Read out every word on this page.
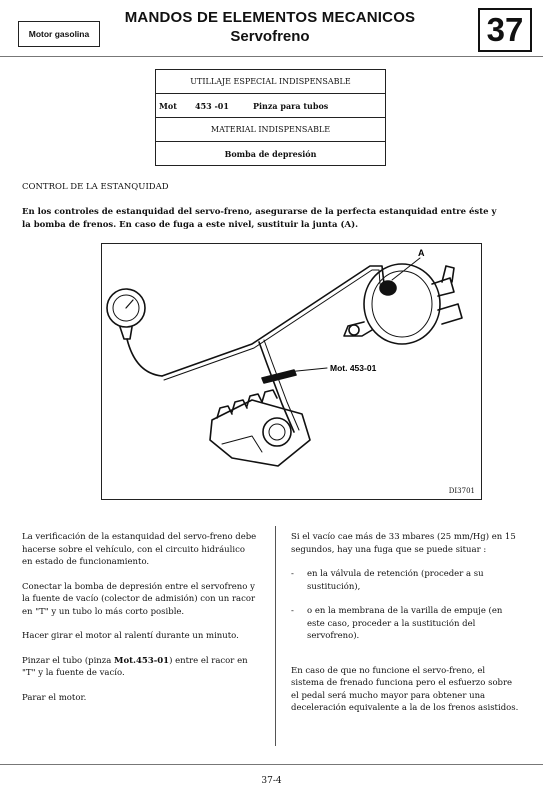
Motor gasolina
MANDOS DE ELEMENTOS MECANICOS
Servofreno	37
UTILLAJE ESPECIAL INDISPENSABLE
Mot	453 -01	Pinza para tubos
MATERIAL INDISPENSABLE
Bomba de depresión
CONTROL DE LA ESTANQUIDAD
En los controles de estanquidad del servo-freno, asegurarse de la perfecta estanquidad entre éste y la bomba de frenos. En caso de fuga a este nivel, sustituir la junta (A).
A
Mot. 453-01
DI3701

La verificación de la estanquidad del servo-freno debe hacerse sobre el vehículo, con el circuito hidráulico en estado de funcionamiento.

Conectar la bomba de depresión entre el servofreno y la fuente de vacío (colector de admisión) con un racor en "T" y un tubo lo más corto posible.

Hacer girar el motor al ralentí durante un minuto.

Pinzar el tubo (pinza Mot.453-01) entre el racor en "T" y la fuente de vacío.

Parar el motor.

Si el vacío cae más de 33 mbares (25 mm/Hg) en 15 segundos, hay una fuga que se puede situar :

-	en la válvula de retención (proceder a su sustitución),
-	o en la membrana de la varilla de empuje (en este caso, proceder a la sustitución del servofreno).

En caso de que no funcione el servo-freno, el sistema de frenado funciona pero el esfuerzo sobre el pedal será mucho mayor para obtener una deceleración equivalente a la de los frenos asistidos.

37-4
